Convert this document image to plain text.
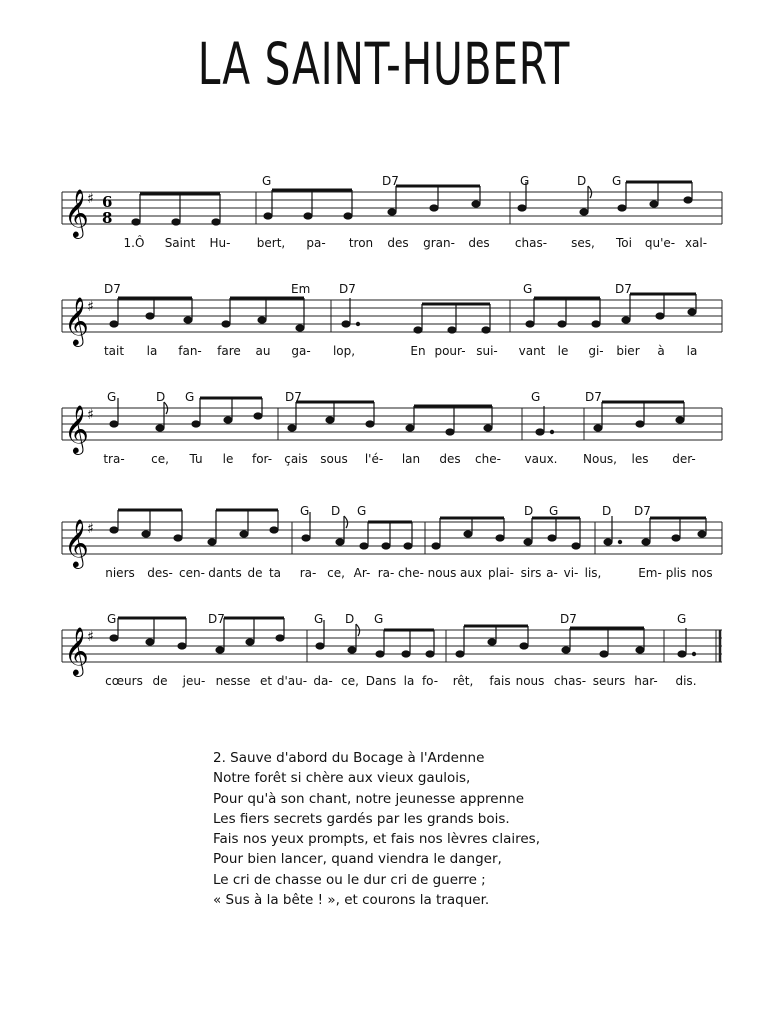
LA SAINT-HUBERT
𝄞
♯ 6
8
G	D7	G	D G
1.Ô Saint Hu- bert, pa- tron des gran- des chas- ses, Toi qu'e- xal-
𝄞
♯
D7	Em D7	G	D7
tait la fan- fare au ga- lop,	En pour- sui- vant le gi- bier à la
𝄞
♯
G	D G	D7	G	D7
tra- ce, Tu le for- çais sous l'é- lan des che- vaux. Nous, les der-
𝄞
♯
G D G	D G	D D7
niers des- cen- dants de ta ra- ce, Ar- ra- che- nous aux plai- sirs a- vi- lis,	Em- plis nos
𝄞
♯
G	D7	G D G	D7	G
cœurs de jeu- nesse et d'au- da- ce, Dans la fo- rêt, fais nous chas- seurs har- dis.
2. Sauve d'abord du Bocage à l'Ardenne
Notre forêt si chère aux vieux gaulois,
Pour qu'à son chant, notre jeunesse apprenne
Les fiers secrets gardés par les grands bois.
Fais nos yeux prompts, et fais nos lèvres claires,
Pour bien lancer, quand viendra le danger,
Le cri de chasse ou le dur cri de guerre ;
« Sus à la bête ! », et courons la traquer.
